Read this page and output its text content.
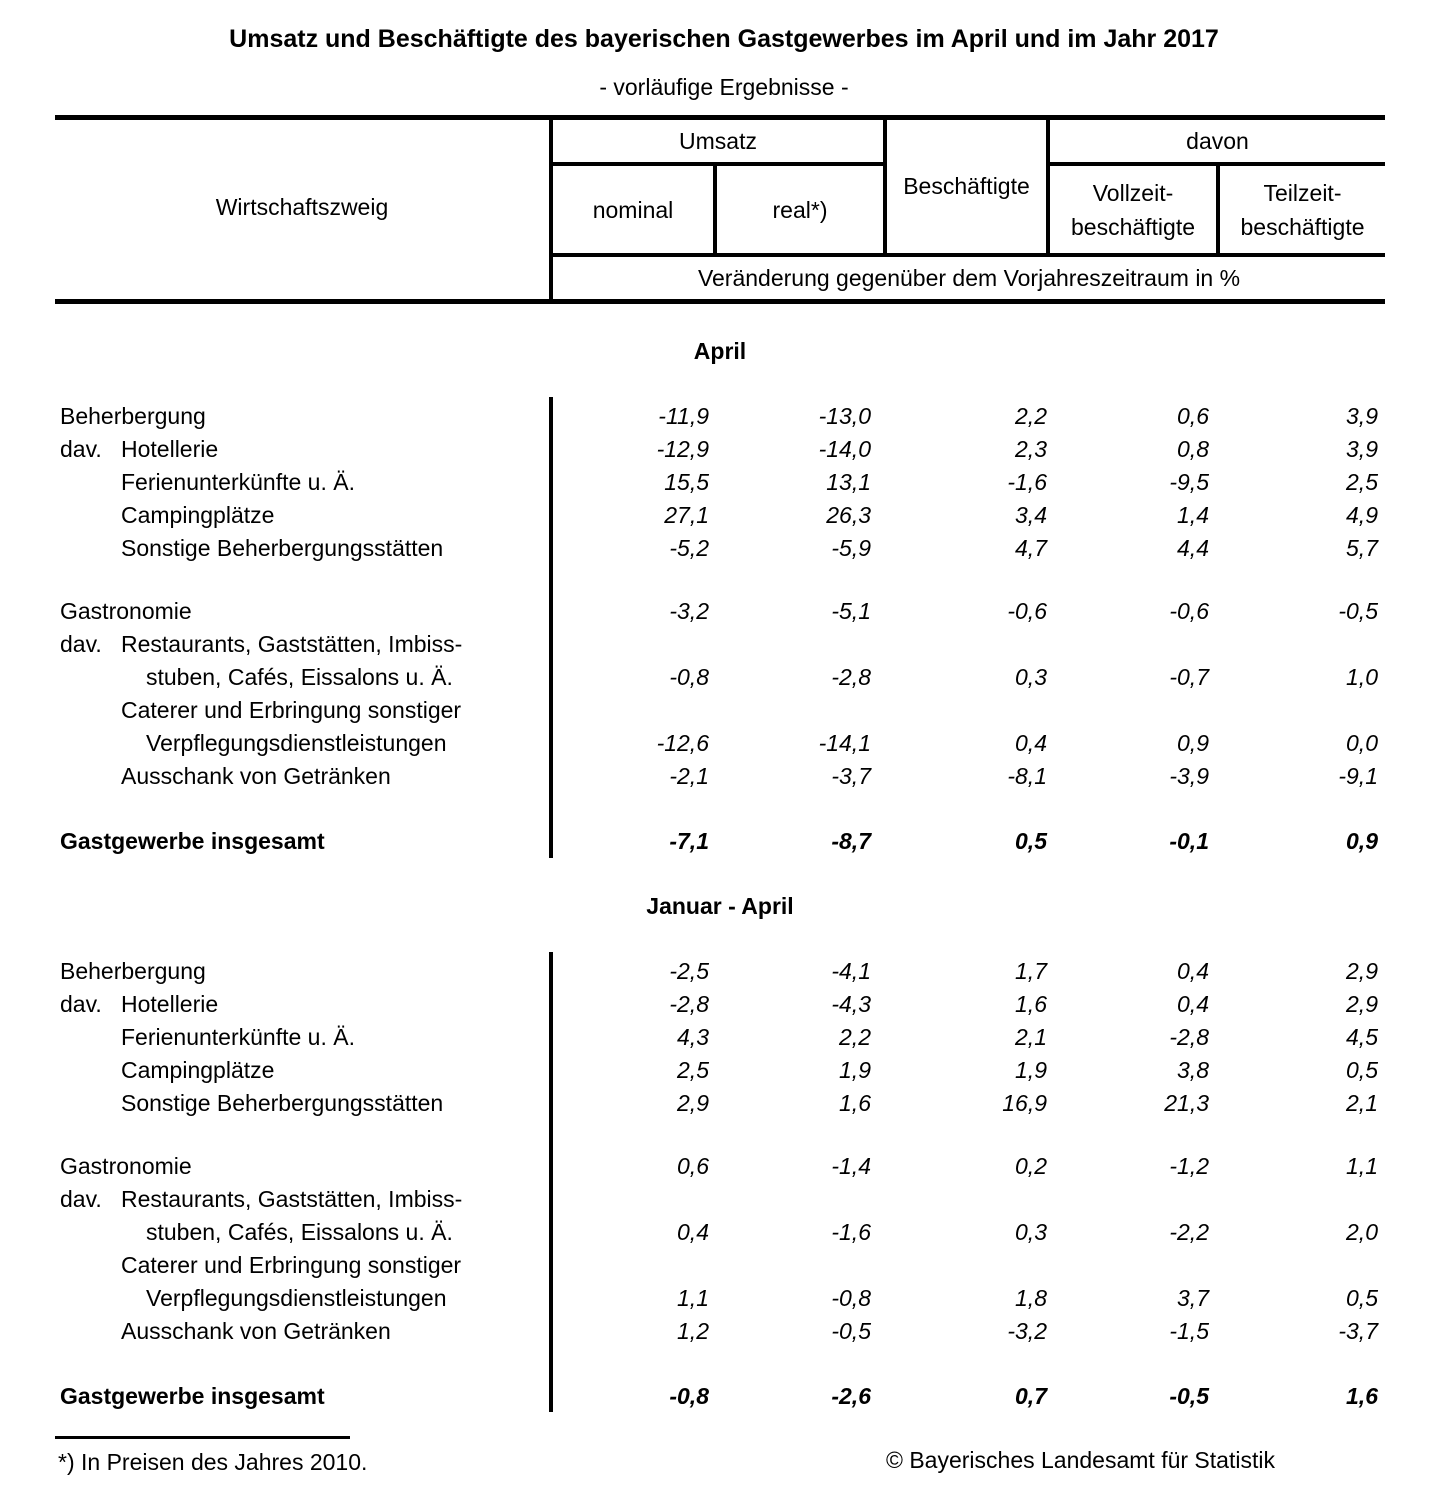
Umsatz und Beschäftigte des bayerischen Gastgewerbes im April und im Jahr 2017
- vorläufige Ergebnisse -
Wirtschaftszweig
Umsatz
Beschäftigte
davon
nominal	real*)
Vollzeit-
beschäftigte
Teilzeit-
beschäftigte
Veränderung gegenüber dem Vorjahreszeitraum in %
April
Beherbergung	-11,9	-13,0	2,2	0,6	3,9
dav. Hotellerie	-12,9	-14,0	2,3	0,8	3,9
Ferienunterkünfte u. Ä.	15,5	13,1	-1,6	-9,5	2,5
Campingplätze	27,1	26,3	3,4	1,4	4,9
Sonstige Beherbergungsstätten	-5,2	-5,9	4,7	4,4	5,7
Gastronomie	-3,2	-5,1	-0,6	-0,6	-0,5
dav. Restaurants, Gaststätten, Imbiss-
stuben, Cafés, Eissalons u. Ä.	-0,8	-2,8	0,3	-0,7	1,0
Caterer und Erbringung sonstiger
Verpflegungsdienstleistungen	-12,6	-14,1	0,4	0,9	0,0
Ausschank von Getränken	-2,1	-3,7	-8,1	-3,9	-9,1
Gastgewerbe insgesamt	-7,1	-8,7	0,5	-0,1	0,9
Januar - April
Beherbergung	-2,5	-4,1	1,7	0,4	2,9
dav. Hotellerie	-2,8	-4,3	1,6	0,4	2,9
Ferienunterkünfte u. Ä.	4,3	2,2	2,1	-2,8	4,5
Campingplätze	2,5	1,9	1,9	3,8	0,5
Sonstige Beherbergungsstätten	2,9	1,6	16,9	21,3	2,1
Gastronomie	0,6	-1,4	0,2	-1,2	1,1
dav. Restaurants, Gaststätten, Imbiss-
stuben, Cafés, Eissalons u. Ä.	0,4	-1,6	0,3	-2,2	2,0
Caterer und Erbringung sonstiger
Verpflegungsdienstleistungen	1,1	-0,8	1,8	3,7	0,5
Ausschank von Getränken	1,2	-0,5	-3,2	-1,5	-3,7
Gastgewerbe insgesamt	-0,8	-2,6	0,7	-0,5	1,6
*) In Preisen des Jahres 2010.	© Bayerisches Landesamt für Statistik
